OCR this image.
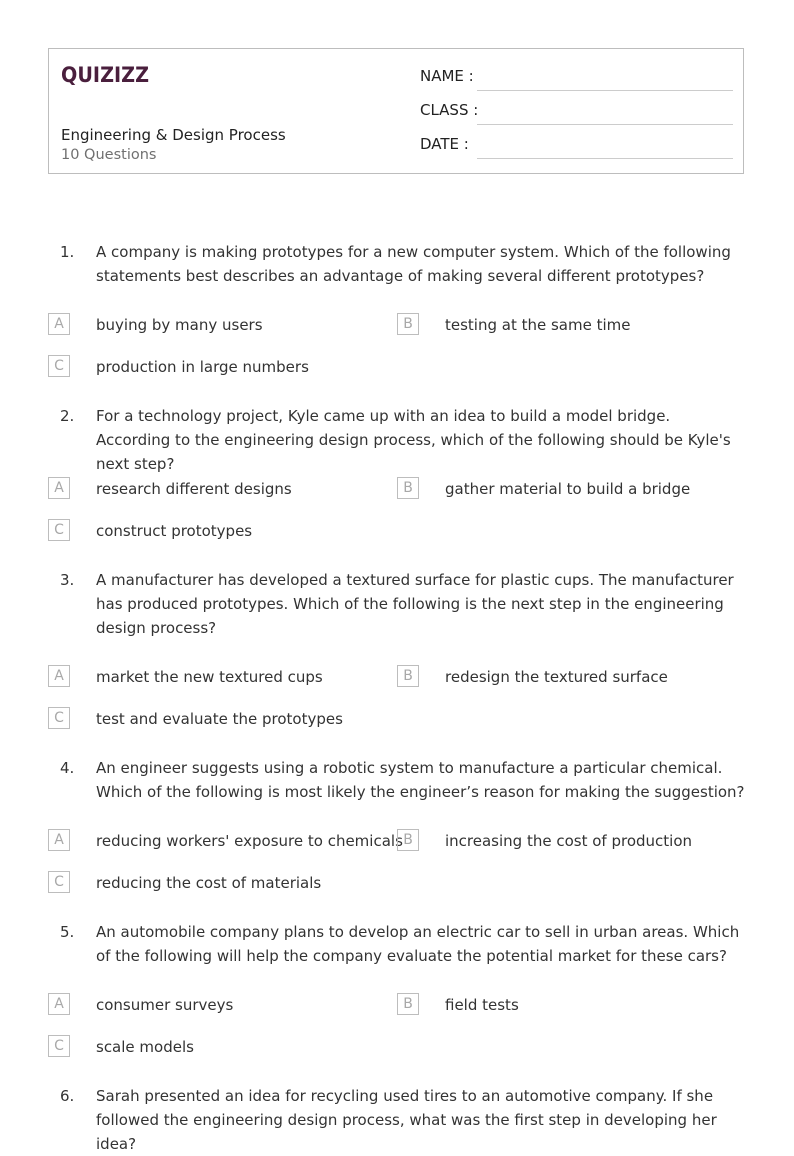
QUIZIZZ
Engineering & Design Process
10 Questions
NAME :
CLASS :
DATE :
1. A company is making prototypes for a new computer system. Which of the following statements best describes an advantage of making several different prototypes?
A	buying by many users	B	testing at the same time
C	production in large numbers
2. For a technology project, Kyle came up with an idea to build a model bridge. According to the engineering design process, which of the following should be Kyle's next step?
A	research different designs	B	gather material to build a bridge
C	construct prototypes
3. A manufacturer has developed a textured surface for plastic cups. The manufacturer has produced prototypes. Which of the following is the next step in the engineering design process?
A	market the new textured cups	B	redesign the textured surface
C	test and evaluate the prototypes
4. An engineer suggests using a robotic system to manufacture a particular chemical. Which of the following is most likely the engineer’s reason for making the suggestion?
A	reducing workers' exposure to chemicals B	increasing the cost of production
C	reducing the cost of materials
5. An automobile company plans to develop an electric car to sell in urban areas. Which of the following will help the company evaluate the potential market for these cars?
A	consumer surveys	B	field tests
C	scale models
6. Sarah presented an idea for recycling used tires to an automotive company. If she followed the engineering design process, what was the first step in developing her idea?
